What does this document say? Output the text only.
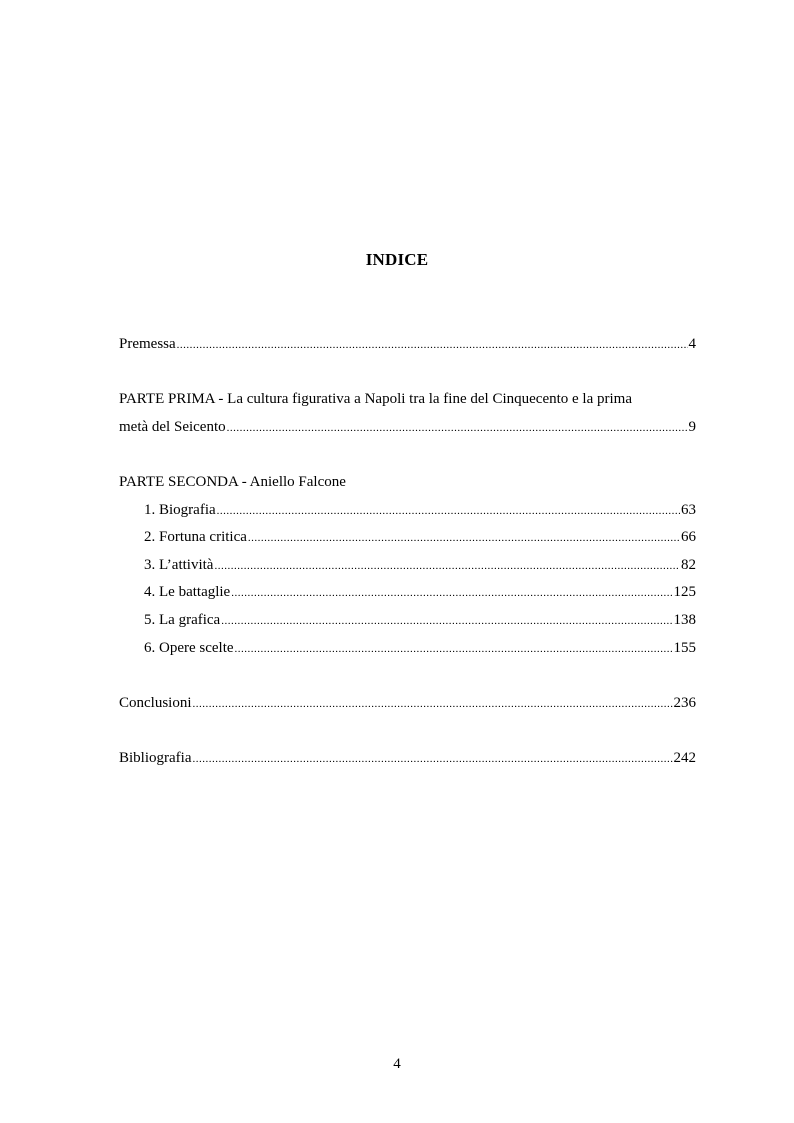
INDICE
Premessa .....	4
PARTE PRIMA - La cultura figurativa a Napoli tra la fine del Cinquecento e la prima
metà del Seicento .....	9
PARTE SECONDA - Aniello Falcone
1. Biografia .....	63
2. Fortuna critica .....	66
3. L’attività .....	82
4. Le battaglie .....	125
5. La grafica .....	138
6. Opere scelte .....	155
Conclusioni .....	236
Bibliografia .....	242
4
